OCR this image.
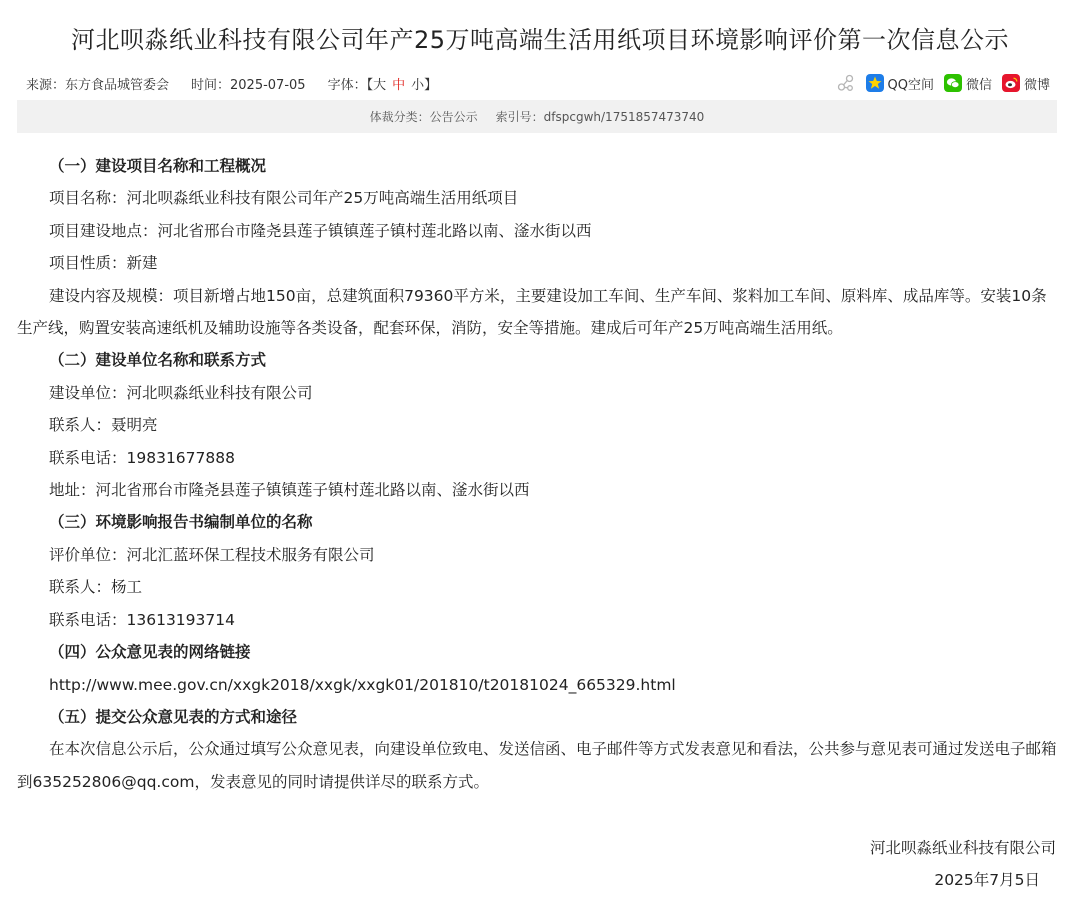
河北呗淼纸业科技有限公司年产25万吨高端生活用纸项目环境影响评价第一次信息公示
来源：东方食品城管委会 时间：2025-07-05 字体：【 大 中 小 】	QQ空间 微信 微博
体裁分类：公告公示 索引号：dfspcgwh/1751857473740

（一）建设项目名称和工程概况

项目名称：河北呗淼纸业科技有限公司年产25万吨高端生活用纸项目

项目建设地点：河北省邢台市隆尧县莲子镇镇莲子镇村莲北路以南、滏水街以西

项目性质：新建

建设内容及规模：项目新增占地150亩，总建筑面积79360平方米，主要建设加工车间、生产车间、浆料加工车间、原料库、成品库等。安装10条生产线，购置安装高速纸机及辅助设施等各类设备，配套环保，消防，安全等措施。建成后可年产25万吨高端生活用纸。

（二）建设单位名称和联系方式

建设单位：河北呗淼纸业科技有限公司

联系人：聂明亮

联系电话：19831677888

地址：河北省邢台市隆尧县莲子镇镇莲子镇村莲北路以南、滏水街以西

（三）环境影响报告书编制单位的名称

评价单位：河北汇蓝环保工程技术服务有限公司

联系人：杨工

联系电话：13613193714

（四）公众意见表的网络链接

http://www.mee.gov.cn/xxgk2018/xxgk/xxgk01/201810/t20181024_665329.html

（五）提交公众意见表的方式和途径

在本次信息公示后，公众通过填写公众意见表，向建设单位致电、发送信函、电子邮件等方式发表意见和看法，公共参与意见表可通过发送电子邮箱到635252806@qq.com，发表意见的同时请提供详尽的联系方式。

河北呗淼纸业科技有限公司
2025年7月5日
